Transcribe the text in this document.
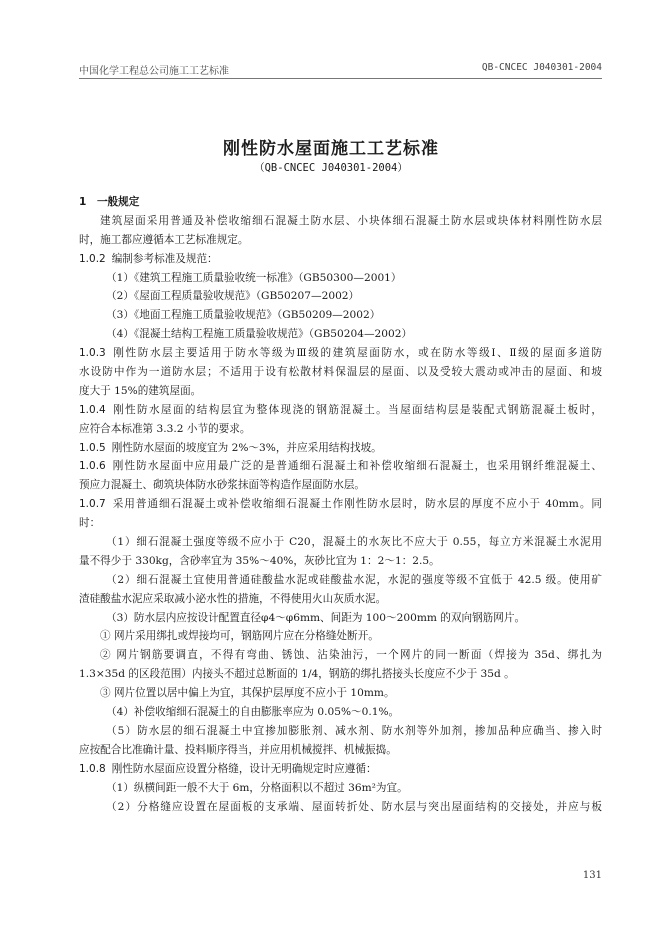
中国化学工程总公司施工工艺标准	QB-CNCEC J040301-2004
刚性防水屋面施工工艺标准
（QB-CNCEC J040301-2004）
1　一般规定
建筑屋面采用普通及补偿收缩细石混凝土防水层、小块体细石混凝土防水层或块体材料刚性防水层
时，施工都应遵循本工艺标准规定。
1.0.2 编制参考标准及规范：
（1）《建筑工程施工质量验收统一标准》（GB50300—2001）
（2）《屋面工程质量验收规范》（GB50207—2002）
（3）《地面工程施工质量验收规范》（GB50209—2002）
（4）《混凝土结构工程施工质量验收规范》（GB50204—2002）
1.0.3 刚性防水层主要适用于防水等级为Ⅲ级的建筑屋面防水，或在防水等级Ⅰ、Ⅱ级的屋面多道防
水设防中作为一道防水层；不适用于设有松散材料保温层的屋面、以及受较大震动或冲击的屋面、和坡
度大于 15%的建筑屋面。
1.0.4 刚性防水屋面的结构层宜为整体现浇的钢筋混凝土。当屋面结构层是装配式钢筋混凝土板时，
应符合本标准第 3.3.2 小节的要求。
1.0.5 刚性防水屋面的坡度宜为 2%～3%，并应采用结构找坡。
1.0.6 刚性防水屋面中应用最广泛的是普通细石混凝土和补偿收缩细石混凝土，也采用钢纤维混凝土、
预应力混凝土、砌筑块体防水砂浆抹面等构造作屋面防水层。
1.0.7 采用普通细石混凝土或补偿收缩细石混凝土作刚性防水层时，防水层的厚度不应小于 40mm。同
时：
（1）细石混凝土强度等级不应小于 C20，混凝土的水灰比不应大于 0.55，每立方米混凝土水泥用
量不得少于 330kg，含砂率宜为 35%～40%，灰砂比宜为 1：2～1：2.5。
（2）细石混凝土宜使用普通硅酸盐水泥或硅酸盐水泥，水泥的强度等级不宜低于 42.5 级。使用矿
渣硅酸盐水泥应采取减小泌水性的措施，不得使用火山灰质水泥。
（3）防水层内应按设计配置直径φ4～φ6mm、间距为 100～200mm 的双向钢筋网片。
① 网片采用绑扎或焊接均可，钢筋网片应在分格缝处断开。
② 网片钢筋要调直，不得有弯曲、锈蚀、沾染油污，一个网片的同一断面（焊接为 35d、绑扎为
1.3×35d 的区段范围）内接头不超过总断面的 1/4，钢筋的绑扎搭接头长度应不少于 35d 。
③ 网片位置以居中偏上为宜，其保护层厚度不应小于 10mm。
（4）补偿收缩细石混凝土的自由膨胀率应为 0.05%～0.1%。
（5）防水层的细石混凝土中宜掺加膨胀剂、减水剂、防水剂等外加剂，掺加品种应确当、掺入时
应按配合比准确计量、投料顺序得当，并应用机械搅拌、机械振捣。
1.0.8 刚性防水屋面应设置分格缝，设计无明确规定时应遵循：
（1）纵横间距一般不大于 6m，分格面积以不超过 36m²为宜。
（2）分格缝应设置在屋面板的支承端、屋面转折处、防水层与突出屋面结构的交接处，并应与板
131
